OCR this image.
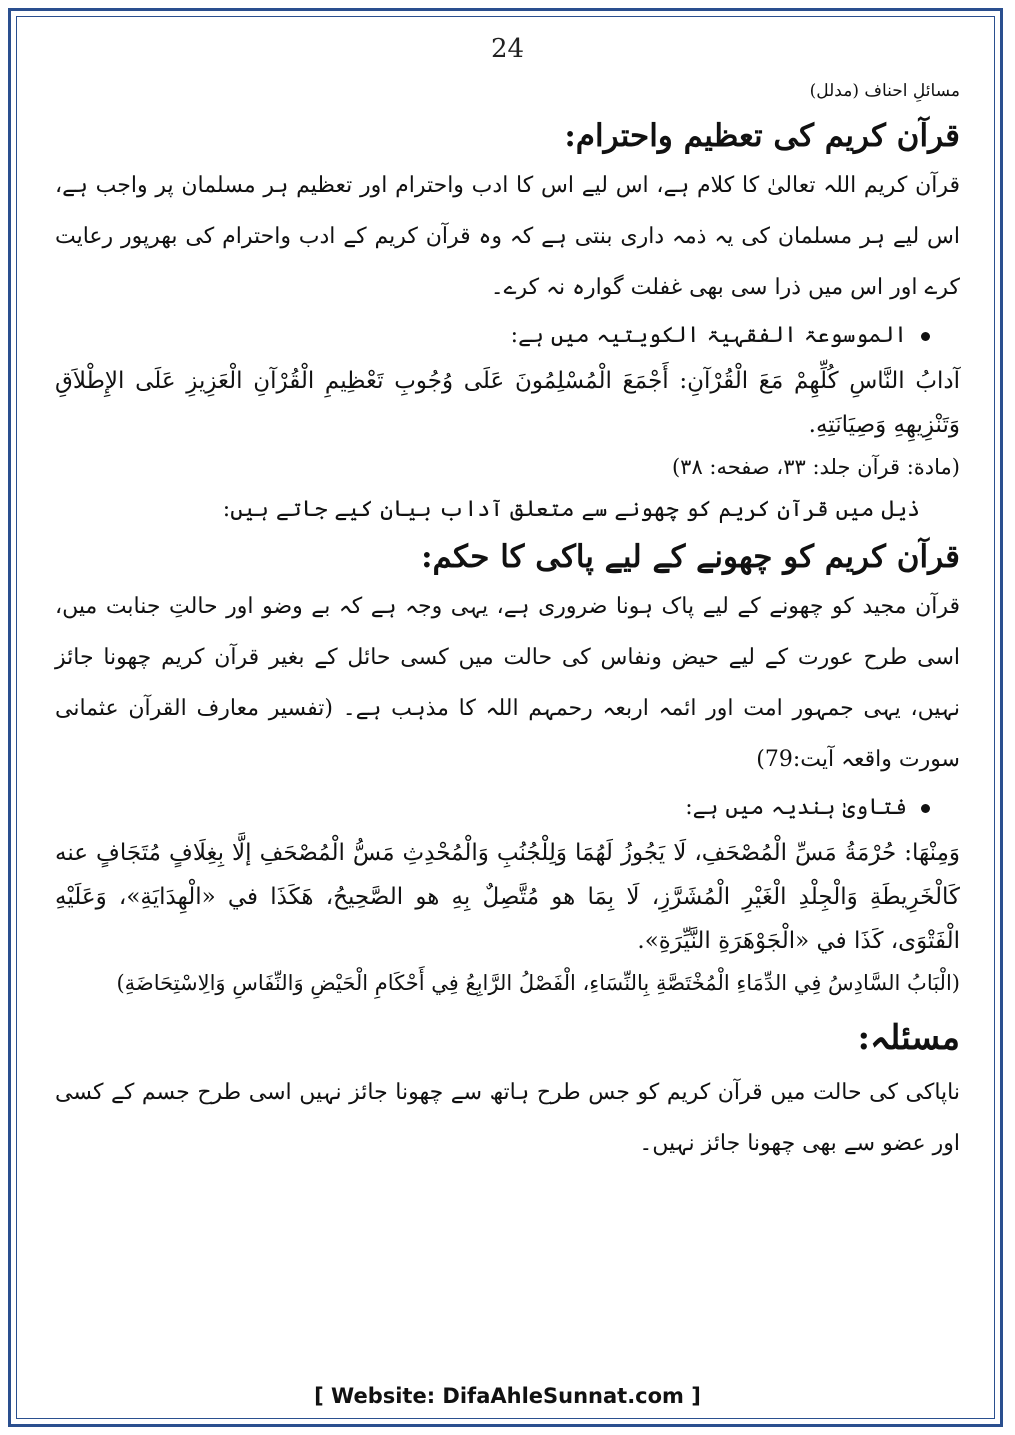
24
مسائلِ احناف (مدلل)
قرآن کریم کی تعظیم واحترام:

قرآن کریم اللہ تعالیٰ کا کلام ہے، اس لیے اس کا ادب واحترام اور تعظیم ہر مسلمان پر واجب ہے، اس لیے ہر مسلمان کی یہ ذمہ داری بنتی ہے کہ وہ قرآن کریم کے ادب واحترام کی بھرپور رعایت کرے اور اس میں ذرا سی بھی غفلت گوارہ نہ کرے۔

الموسوعۃ الفقہیۃ الکویتیہ میں ہے:

آدابُ النَّاسِ كُلِّهِمْ مَعَ الْقُرْآنِ: أَجْمَعَ الْمُسْلِمُونَ عَلَى وُجُوبِ تَعْظِيمِ الْقُرْآنِ الْعَزِيزِ عَلَى الإِطْلاَقِ وَتَنْزِيهِهِ وَصِيَانَتِهِ.

(مادة: قرآن جلد: ۳۳، صفحه: ۳۸)

ذیل میں قرآن کریم کو چھونے سے متعلق آداب بیان کیے جاتے ہیں:

قرآن کریم کو چھونے کے لیے پاکی کا حکم:

قرآن مجید کو چھونے کے لیے پاک ہونا ضروری ہے، یہی وجہ ہے کہ بے وضو اور حالتِ جنابت میں، اسی طرح عورت کے لیے حیض ونفاس کی حالت میں کسی حائل کے بغیر قرآن کریم چھونا جائز نہیں، یہی جمہور امت اور ائمہ اربعہ رحمہم اللہ کا مذہب ہے۔ (تفسیر معارف القرآن عثمانی سورت واقعہ آیت:79)

فتاویٰ ہندیہ میں ہے:

وَمِنْهَا: حُرْمَةُ مَسِّ الْمُصْحَفِ، لَا يَجُوزُ لَهُمَا وَلِلْجُنُبِ وَالْمُحْدِثِ مَسُّ الْمُصْحَفِ إلَّا بِغِلَافٍ مُتَجَافٍ عنه كَالْخَرِيطَةِ وَالْجِلْدِ الْغَيْرِ الْمُشَرَّزِ، لَا بِمَا هو مُتَّصِلٌ بِهِ هو الصَّحِيحُ، هَكَذَا في «الْهِدَايَةِ»، وَعَلَيْهِ الْفَتْوَى، كَذَا في «الْجَوْهَرَةِ النَّيِّرَةِ».

(الْبَابُ السَّادِسُ فِي الدِّمَاءِ الْمُخْتَصَّةِ بِالنِّسَاءِ، الْفَصْلُ الرَّابِعُ فِي أَحْكَامِ الْحَيْضِ وَالنِّفَاسِ وَالِاسْتِحَاضَةِ)

مسئلہ:

ناپاکی کی حالت میں قرآن کریم کو جس طرح ہاتھ سے چھونا جائز نہیں اسی طرح جسم کے کسی اور عضو سے بھی چھونا جائز نہیں۔

[ Website: DifaAhleSunnat.com ]
